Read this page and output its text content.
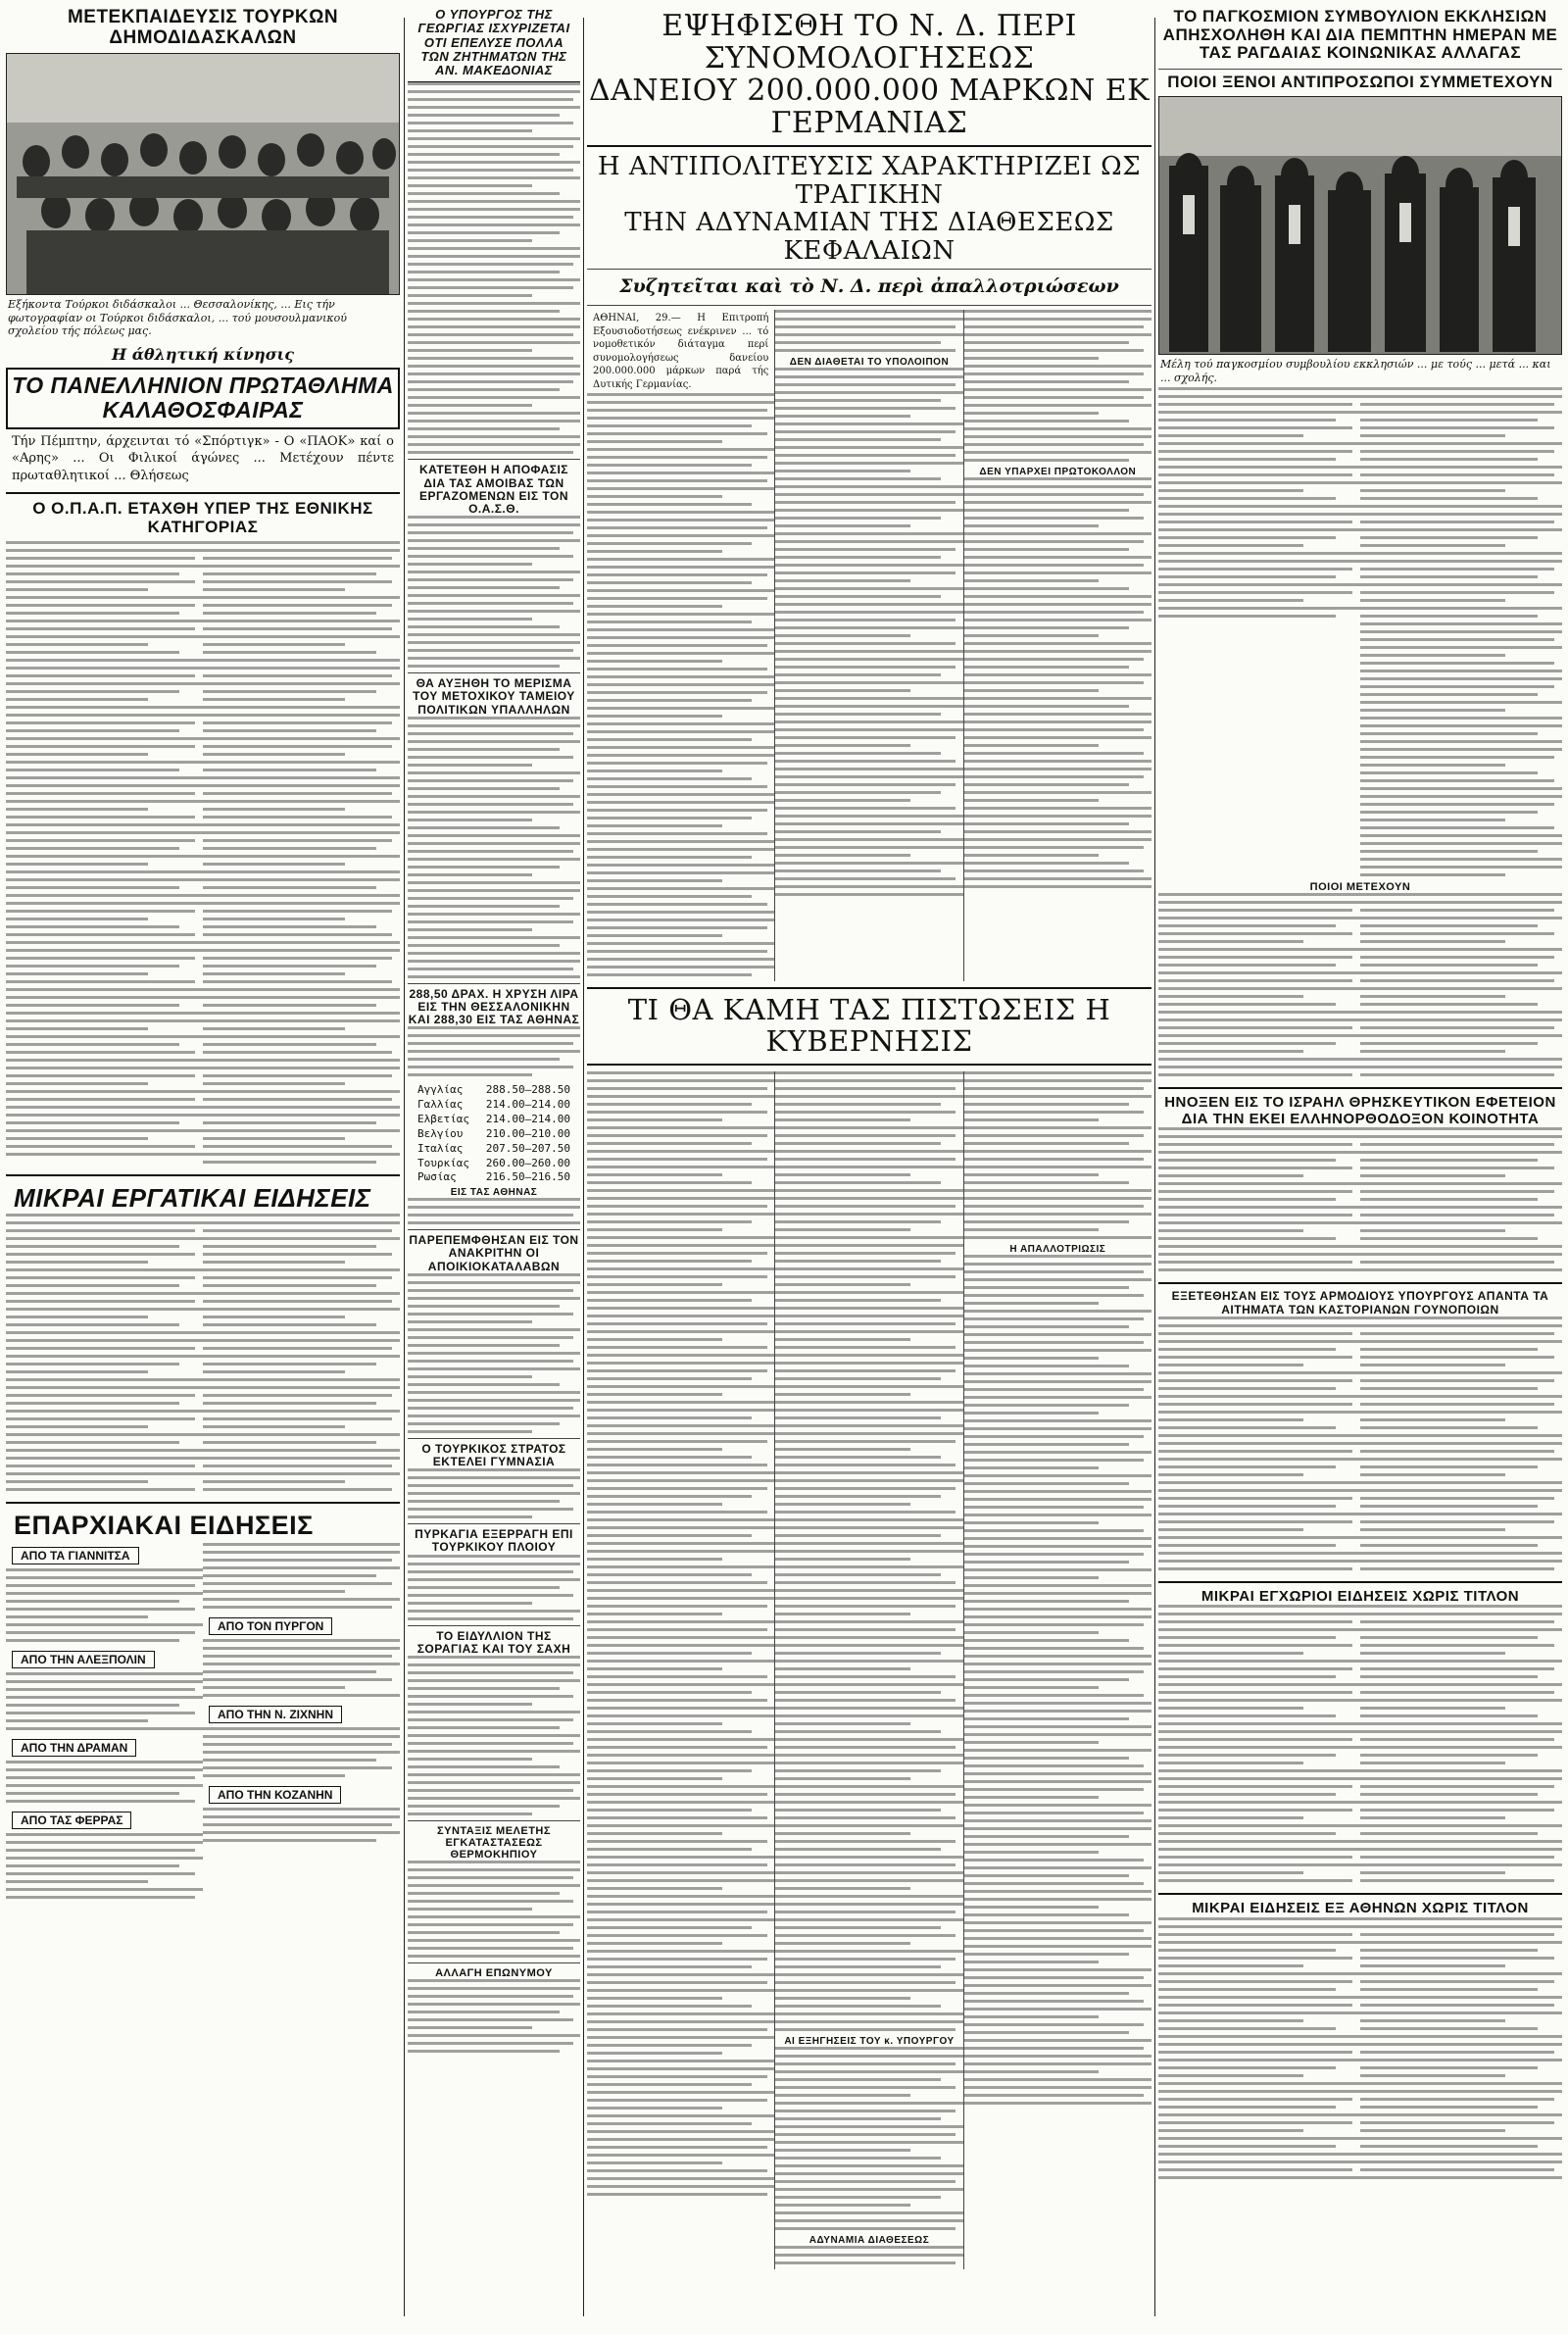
ΜΕΤΕΚΠΑΙΔΕΥΣΙΣ ΤΟΥΡΚΩΝ ΔΗΜΟΔΙΔΑΣΚΑΛΩΝ

Εξήκοντα Τούρκοι διδάσκαλοι ... Θεσσαλονίκης, ... Εις τήν φωτογραφίαν οι Τούρκοι διδάσκαλοι, ... τού μουσουλμανικού σχολείου τής πόλεως μας.

Η άθλητική κίνησις

ΤΟ ΠΑΝΕΛΛΗΝΙΟΝ ΠΡΩΤΑΘΛΗΜΑ ΚΑΛΑΘΟΣΦΑΙΡΑΣ

Τήν Πέμπτην, άρχεινται τό «Σπόρτιγκ» - Ο «ΠΑΟΚ» καί ο «Αρης» ... Οι Φιλικοί άγώνες ... Μετέχουν πέντε πρωταθλητικοί ... Θλήσεως

Ο Ο.Π.Α.Π. ΕΤΑΧΘΗ ΥΠΕΡ ΤΗΣ ΕΘΝΙΚΗΣ ΚΑΤΗΓΟΡΙΑΣ
ΜΙΚΡΑΙ ΕΡΓΑΤΙΚΑΙ ΕΙΔΗΣΕΙΣ
ΕΠΑΡΧΙΑΚΑΙ ΕΙΔΗΣΕΙΣ
ΑΠΟ ΤΑ ΓΙΑΝΝΙΤΣΑ
ΑΠΟ ΤΗΝ ΑΛΕΞΠΟΛΙΝ
ΑΠΟ ΤΗΝ ΔΡΑΜΑΝ
ΑΠΟ ΤΑΣ ΦΕΡΡΑΣ
ΑΠΟ ΤΟΝ ΠΥΡΓΟΝ
ΑΠΟ ΤΗΝ Ν. ΖΙΧΝΗΝ
ΑΠΟ ΤΗΝ ΚΟΖΑΝΗΝ
Ο ΥΠΟΥΡΓΟΣ ΤΗΣ ΓΕΩΡΓΙΑΣ ΙΣΧΥΡΙΖΕΤΑΙ ΟΤΙ ΕΠΕΛΥΣΕ ΠΟΛΛΑ ΤΩΝ ΖΗΤΗΜΑΤΩΝ ΤΗΣ ΑΝ. ΜΑΚΕΔΟΝΙΑΣ
ΚΑΤΕΤΕΘΗ Η ΑΠΟΦΑΣΙΣ ΔΙΑ ΤΑΣ ΑΜΟΙΒΑΣ ΤΩΝ ΕΡΓΑΖΟΜΕΝΩΝ ΕΙΣ ΤΟΝ Ο.Α.Σ.Θ.
ΘΑ ΑΥΞΗΘΗ ΤΟ ΜΕΡΙΣΜΑ ΤΟΥ ΜΕΤΟΧΙΚΟΥ ΤΑΜΕΙΟΥ ΠΟΛΙΤΙΚΩΝ ΥΠΑΛΛΗΛΩΝ
288,50 ΔΡΑΧ. Η ΧΡΥΣΗ ΛΙΡΑ ΕΙΣ ΤΗΝ ΘΕΣΣΑΛΟΝΙΚΗΝ ΚΑΙ 288,30 ΕΙΣ ΤΑΣ ΑΘΗΝΑΣ
Αγγλίας 288.50—288.50
Γαλλίας 214.00—214.00
Ελβετίας 214.00—214.00
Βελγίου 210.00—210.00
Ιταλίας 207.50—207.50
Τουρκίας 260.00—260.00
Ρωσίας	216.50—216.50

ΕΙΣ ΤΑΣ ΑΘΗΝΑΣ

ΠΑΡΕΠΕΜΦΘΗΣΑΝ ΕΙΣ ΤΟΝ ΑΝΑΚΡΙΤΗΝ ΟΙ ΑΠΟΙΚΙΟΚΑΤΑΛΑΒΩΝ
Ο ΤΟΥΡΚΙΚΟΣ ΣΤΡΑΤΟΣ ΕΚΤΕΛΕΙ ΓΥΜΝΑΣΙΑ
ΠΥΡΚΑΓΙΑ ΕΞΕΡΡΑΓΗ ΕΠΙ ΤΟΥΡΚΙΚΟΥ ΠΛΟΙΟΥ
ΤΟ ΕΙΔΥΛΛΙΟΝ ΤΗΣ ΣΟΡΑΓΙΑΣ ΚΑΙ ΤΟΥ ΣΑΧΗ
ΣΥΝΤΑΞΙΣ ΜΕΛΕΤΗΣ ΕΓΚΑΤΑΣΤΑΣΕΩΣ ΘΕΡΜΟΚΗΠΙΟΥ
ΑΛΛΑΓΗ ΕΠΩΝΥΜΟΥ
ΕΨΗΦΙΣΘΗ ΤΟ Ν. Δ. ΠΕΡΙ ΣΥΝΟΜΟΛΟΓΗΣΕΩΣ
ΔΑΝΕΙΟΥ 200.000.000 ΜΑΡΚΩΝ ΕΚ ΓΕΡΜΑΝΙΑΣ
Η ΑΝΤΙΠΟΛΙΤΕΥΣΙΣ ΧΑΡΑΚΤΗΡΙΖΕΙ ΩΣ ΤΡΑΓΙΚΗΝ
ΤΗΝ ΑΔΥΝΑΜΙΑΝ ΤΗΣ ΔΙΑΘΕΣΕΩΣ ΚΕΦΑΛΑΙΩΝ

Συζητεῖται καὶ τὸ Ν. Δ. περὶ ἀπαλλοτριώσεων

ΑΘΗΝΑΙ, 29.— Η Επιτροπή Εξουσιοδοτήσεως ενέκρινεν ... τό νομοθετικόν διάταγμα περί συνομολογήσεως δανείου 200.000.000 μάρκων παρά τής Δυτικής Γερμανίας.

ΔΕΝ ΔΙΑΘΕΤΑΙ ΤΟ ΥΠΟΛΟΙΠΟΝ

ΔΕΝ ΥΠΑΡΧΕΙ ΠΡΩΤΟΚΟΛΛΟΝ

ΤΙ ΘΑ ΚΑΜΗ ΤΑΣ ΠΙΣΤΩΣΕΙΣ Η ΚΥΒΕΡΝΗΣΙΣ

ΑΙ ΕΞΗΓΗΣΕΙΣ ΤΟΥ κ. ΥΠΟΥΡΓΟΥ

ΑΔΥΝΑΜΙΑ ΔΙΑΘΕΣΕΩΣ

Η ΑΠΑΛΛΟΤΡΙΩΣΙΣ

ΤΟ ΠΑΓΚΟΣΜΙΟΝ ΣΥΜΒΟΥΛΙΟΝ ΕΚΚΛΗΣΙΩΝ ΑΠΗΣΧΟΛΗΘΗ ΚΑΙ ΔΙΑ ΠΕΜΠΤΗΝ ΗΜΕΡΑΝ ΜΕ ΤΑΣ ΡΑΓΔΑΙΑΣ ΚΟΙΝΩΝΙΚΑΣ ΑΛΛΑΓΑΣ
ΠΟΙΟΙ ΞΕΝΟΙ ΑΝΤΙΠΡΟΣΩΠΟΙ ΣΥΜΜΕΤΕΧΟΥΝ

Μέλη τού παγκοσμίου συμβουλίου εκκλησιών ... με τούς ... μετά ... και ... σχολής.

ΠΟΙΟΙ ΜΕΤΕΧΟΥΝ

ΗΝΟΞΕΝ ΕΙΣ ΤΟ ΙΣΡΑΗΛ ΘΡΗΣΚΕΥΤΙΚΟΝ ΕΦΕΤΕΙΟΝ ΔΙΑ ΤΗΝ ΕΚΕΙ ΕΛΛΗΝΟΡΘΟΔΟΞΟΝ ΚΟΙΝΟΤΗΤΑ
ΕΞΕΤΕΘΗΣΑΝ ΕΙΣ ΤΟΥΣ ΑΡΜΟΔΙΟΥΣ ΥΠΟΥΡΓΟΥΣ ΑΠΑΝΤΑ ΤΑ ΑΙΤΗΜΑΤΑ ΤΩΝ ΚΑΣΤΟΡΙΑΝΩΝ ΓΟΥΝΟΠΟΙΩΝ
ΜΙΚΡΑΙ ΕΓΧΩΡΙΟΙ ΕΙΔΗΣΕΙΣ ΧΩΡΙΣ ΤΙΤΛΟΝ
ΜΙΚΡΑΙ ΕΙΔΗΣΕΙΣ ΕΞ ΑΘΗΝΩΝ ΧΩΡΙΣ ΤΙΤΛΟΝ
